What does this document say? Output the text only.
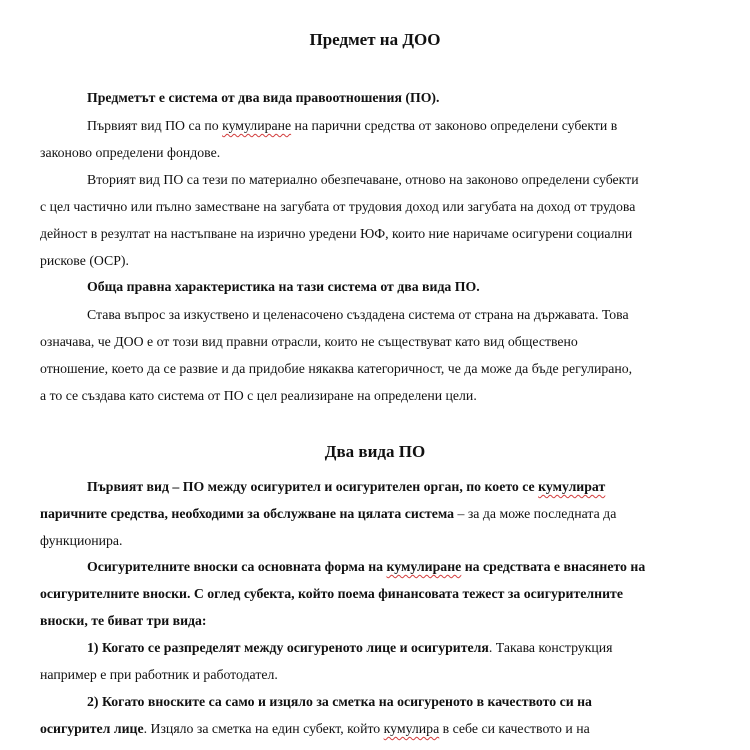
Предмет на ДОО

Предметът е система от два вида правоотношения (ПО).

Първият вид ПО са по кумулиране на парични средства от законово определени субекти в

законово определени фондове.

Вторият вид ПО са тези по материално обезпечаване, отново на законово определени субекти

с цел частично или пълно заместване на загубата от трудовия доход или загубата на доход от трудова

дейност в резултат на настъпване на изрично уредени ЮФ, които ние наричаме осигурени социални

рискове (ОСР).

Обща правна характеристика на тази система от два вида ПО.

Става въпрос за изкуствено и целенасочено създадена система от страна на държавата. Това

означава, че ДОО е от този вид правни отрасли, които не съществуват като вид обществено

отношение, което да се развие и да придобие някаква категоричност, че да може да бъде регулирано,

а то се създава като система от ПО с цел реализиране на определени цели.

Два вида ПО

Първият вид – ПО между осигурител и осигурителен орган, по което се кумулират

паричните средства, необходими за обслужване на цялата система – за да може последната да

функционира.

Осигурителните вноски са основната форма на кумулиране на средствата е внасянето на

осигурителните вноски. С оглед субекта, който поема финансовата тежест за осигурителните

вноски, те биват три вида:

1) Когато се разпределят между осигуреното лице и осигурителя. Такава конструкция

например е при работник и работодател.

2) Когато вноските са само и изцяло за сметка на осигуреното в качеството си на

осигурител лице. Изцяло за сметка на един субект, който кумулира в себе си качеството и на
